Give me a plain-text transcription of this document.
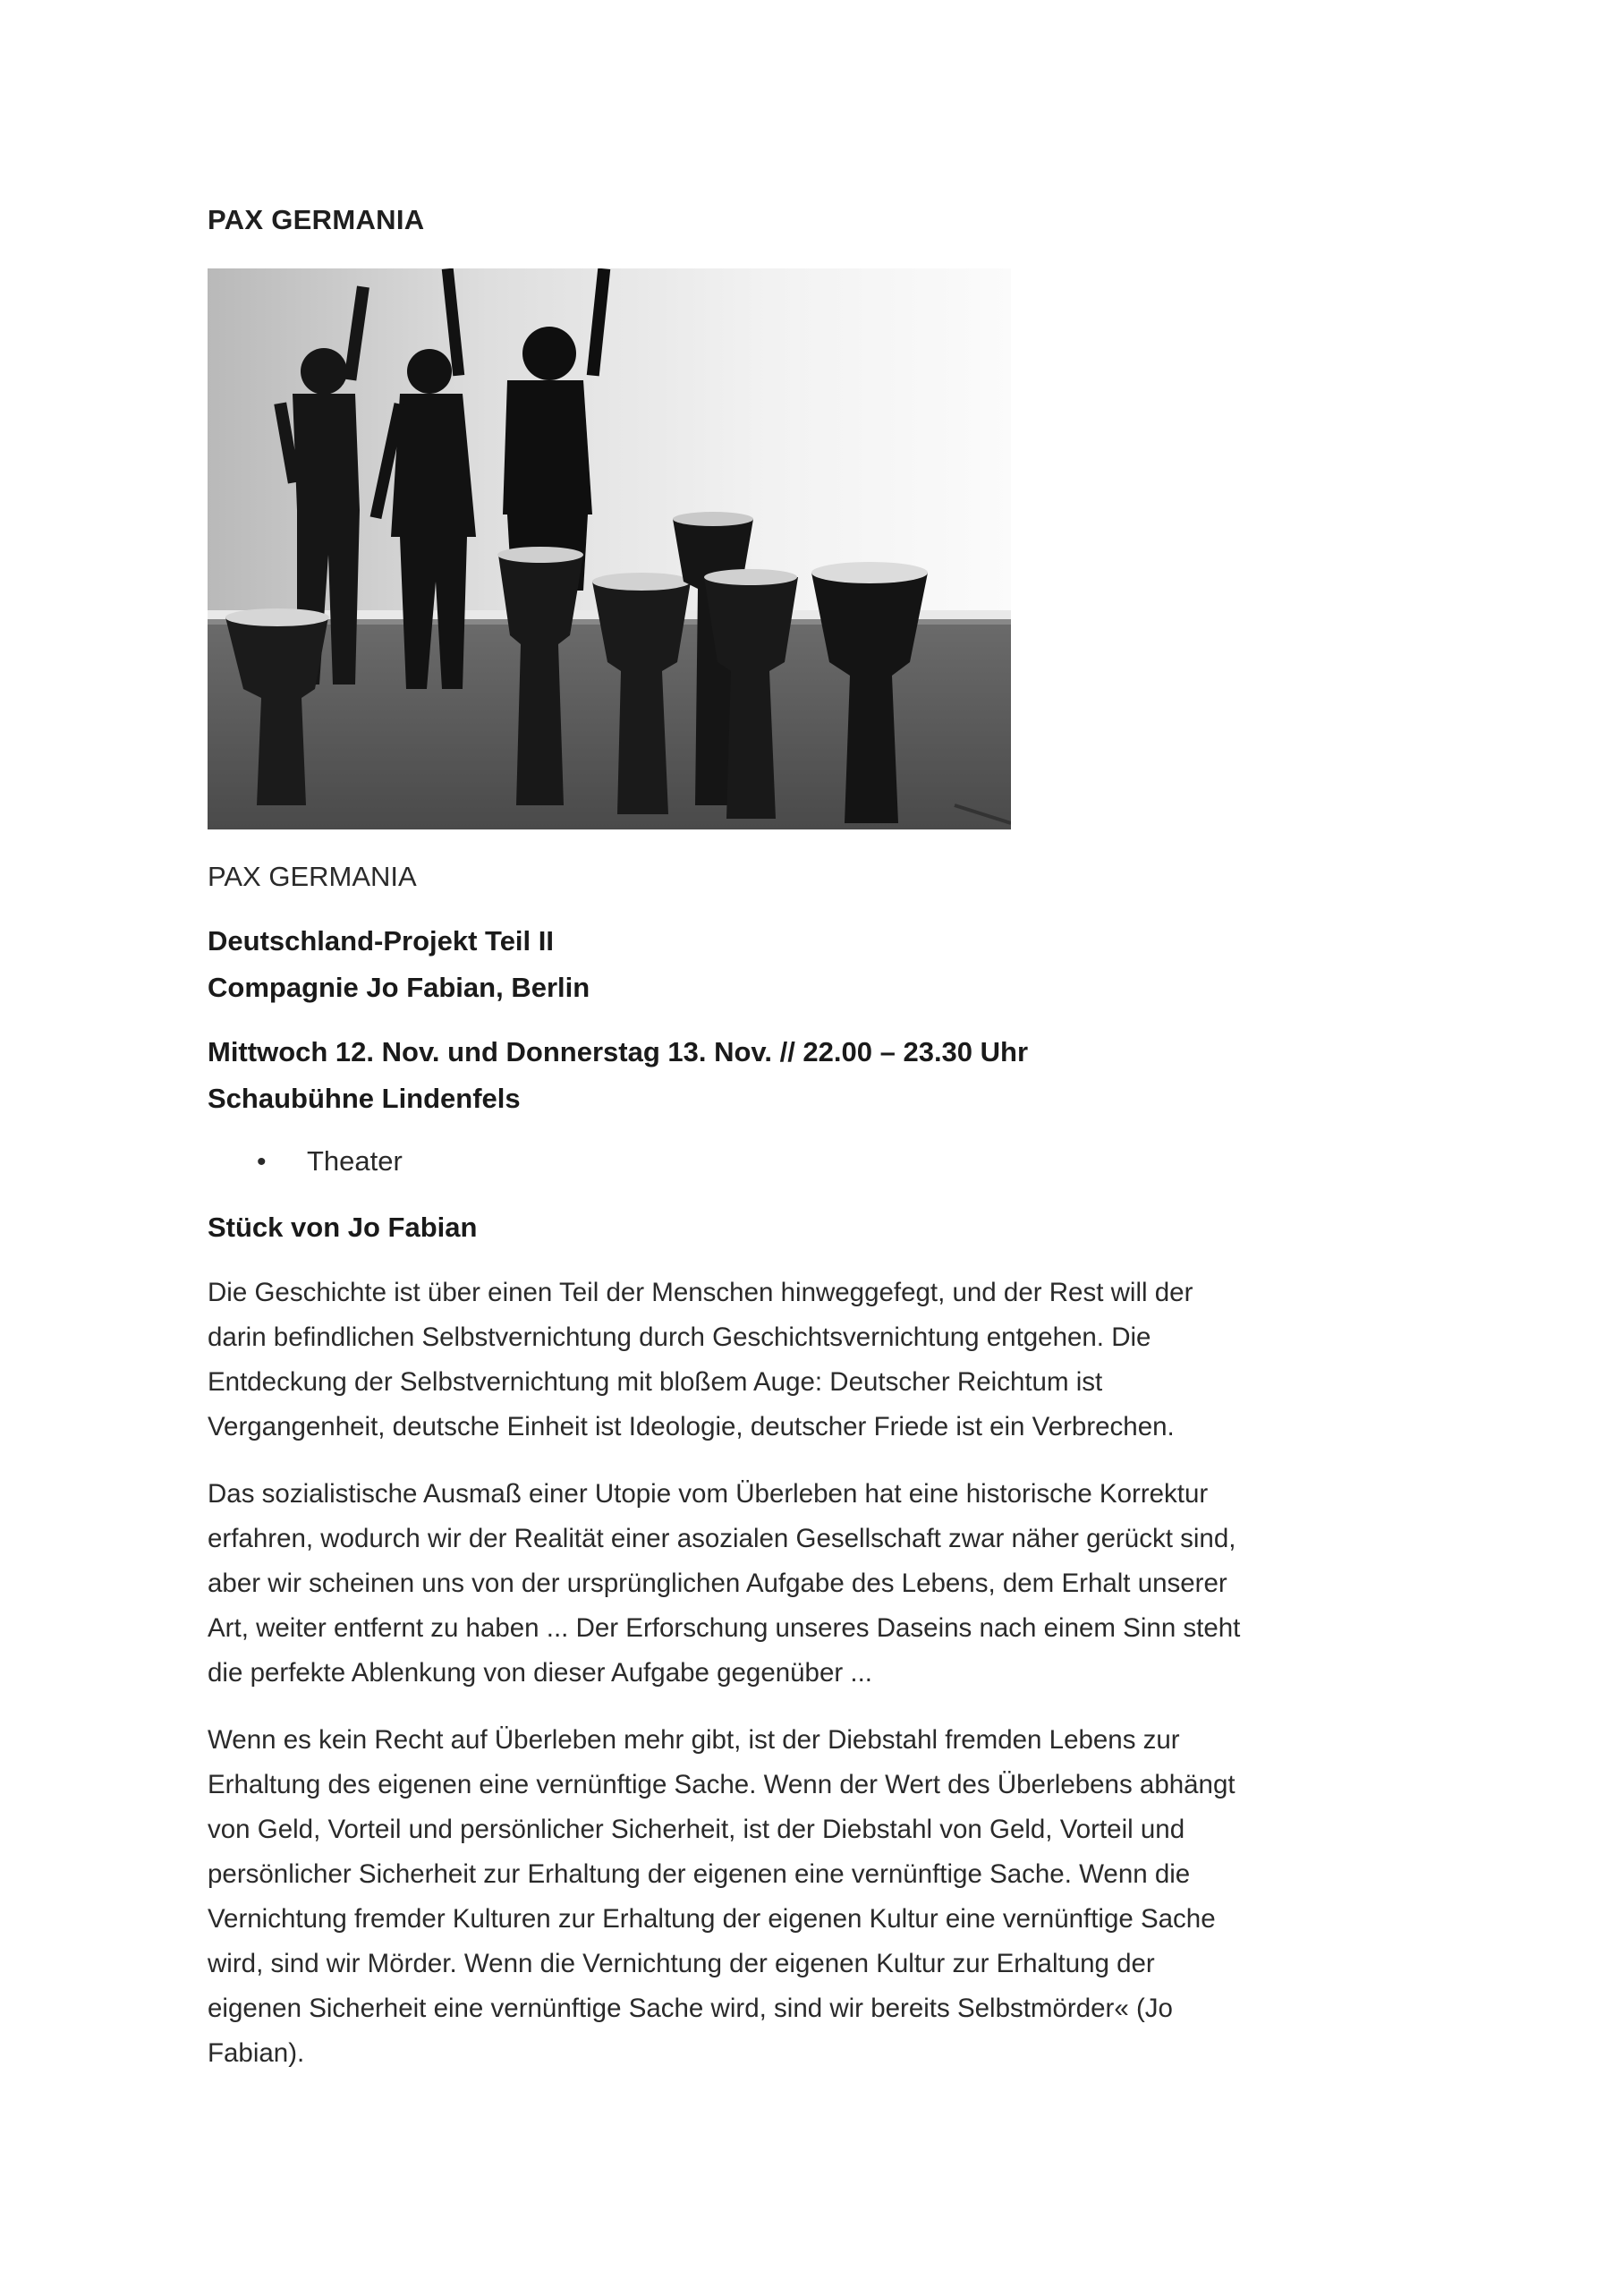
PAX GERMANIA
PAX GERMANIA
Deutschland-Projekt Teil II
Compagnie Jo Fabian, Berlin
Mittwoch 12. Nov. und Donnerstag 13. Nov. // 22.00 – 23.30 Uhr
Schaubühne Lindenfels
• Theater
Stück von Jo Fabian
Die Geschichte ist über einen Teil der Menschen hinweggefegt, und der Rest will der
darin befindlichen Selbstvernichtung durch Geschichtsvernichtung entgehen. Die
Entdeckung der Selbstvernichtung mit bloßem Auge: Deutscher Reichtum ist
Vergangenheit, deutsche Einheit ist Ideologie, deutscher Friede ist ein Verbrechen.
Das sozialistische Ausmaß einer Utopie vom Überleben hat eine historische Korrektur
erfahren, wodurch wir der Realität einer asozialen Gesellschaft zwar näher gerückt sind,
aber wir scheinen uns von der ursprünglichen Aufgabe des Lebens, dem Erhalt unserer
Art, weiter entfernt zu haben ... Der Erforschung unseres Daseins nach einem Sinn steht
die perfekte Ablenkung von dieser Aufgabe gegenüber ...
Wenn es kein Recht auf Überleben mehr gibt, ist der Diebstahl fremden Lebens zur
Erhaltung des eigenen eine vernünftige Sache. Wenn der Wert des Überlebens abhängt
von Geld, Vorteil und persönlicher Sicherheit, ist der Diebstahl von Geld, Vorteil und
persönlicher Sicherheit zur Erhaltung der eigenen eine vernünftige Sache. Wenn die
Vernichtung fremder Kulturen zur Erhaltung der eigenen Kultur eine vernünftige Sache
wird, sind wir Mörder. Wenn die Vernichtung der eigenen Kultur zur Erhaltung der
eigenen Sicherheit eine vernünftige Sache wird, sind wir bereits Selbstmörder« (Jo
Fabian).
